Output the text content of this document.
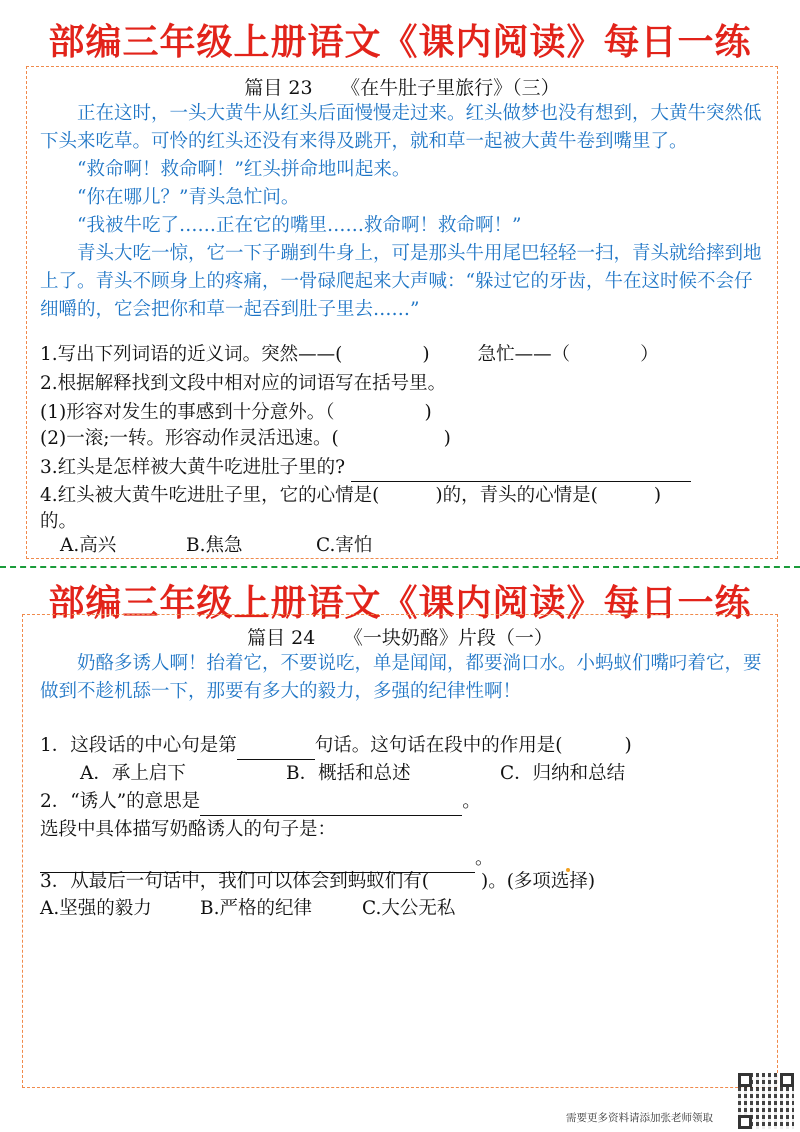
部编三年级上册语文《课内阅读》每日一练
篇目 23　　《在牛肚子里旅行》（三）

正在这时，一头大黄牛从红头后面慢慢走过来。红头做梦也没有想到，大黄牛突然低下头来吃草。可怜的红头还没有来得及跳开，就和草一起被大黄牛卷到嘴里了。

“救命啊！救命啊！”红头拼命地叫起来。

“你在哪儿？”青头急忙问。

“我被牛吃了……正在它的嘴里……救命啊！救命啊！”

青头大吃一惊，它一下子蹦到牛身上，可是那头牛用尾巴轻轻一扫，青头就给摔到地上了。青头不顾身上的疼痛，一骨碌爬起来大声喊：“躲过它的牙齿，牛在这时候不会仔细嚼的，它会把你和草一起吞到肚子里去……”

1.写出下列词语的近义词。突然——(	)	急忙——（	）
2.根据解释找到文段中相对应的词语写在括号里。
(1)形容对发生的事感到十分意外。（	)
(2)一滚;一转。形容动作灵活迅速。(	)
3.红头是怎样被大黄牛吃进肚子里的?
4.红头被大黄牛吃进肚子里，它的心情是(	)的，青头的心情是(	)
的。
A.高兴	B.焦急	C.害怕
部编三年级上册语文《课内阅读》每日一练
篇目 24　　《一块奶酪》片段（一）

奶酪多诱人啊！抬着它，不要说吃，单是闻闻，都要淌口水。小蚂蚁们嘴叼着它，要做到不趁机舔一下，那要有多大的毅力，多强的纪律性啊！

1．这段话的中心句是第	句话。这句话在段中的作用是(	)
A．承上启下	B．概括和总述	C．归纳和总结
2．“诱人”的意思是	。
选段中具体描写奶酪诱人的句子是：
。
3．从最后一句话中，我们可以体会到蚂蚁们有(	)。(多项选择)
A.坚强的毅力	B.严格的纪律	C.大公无私
需要更多资料请添加张老师领取
